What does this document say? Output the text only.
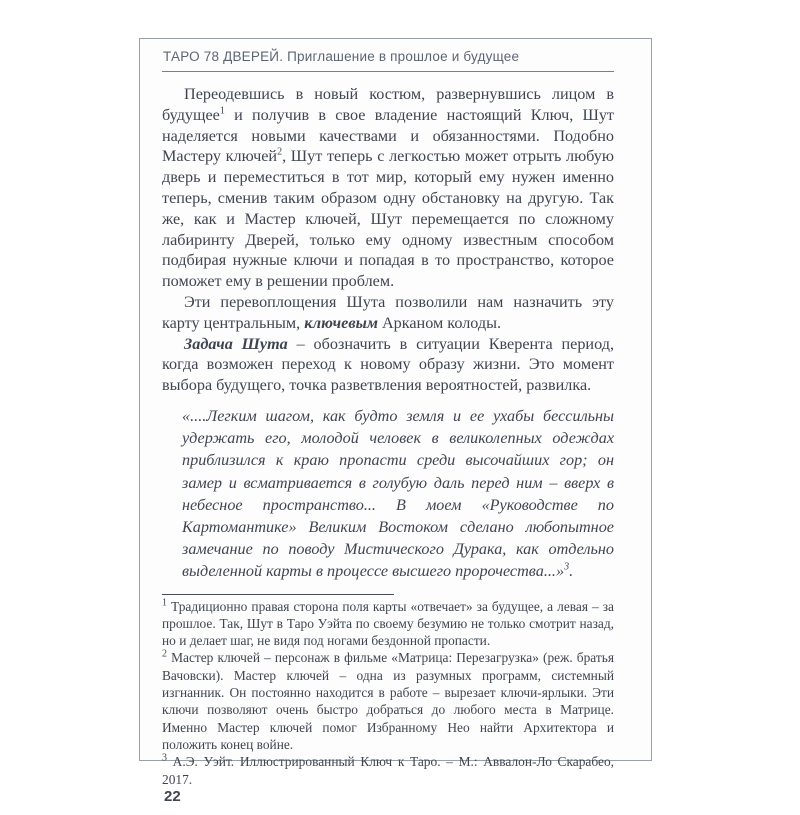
ТАРО 78 ДВЕРЕЙ. Приглашение в прошлое и будущее

Переодевшись в новый костюм, развернувшись лицом в будущее$^1$ и получив в свое владение настоящий Ключ, Шут наделяется новыми качествами и обязанностями. Подобно Мастеру ключей$^2$, Шут теперь с легкостью может отрыть любую дверь и переместиться в тот мир, который ему нужен именно теперь, сменив таким образом одну обстановку на другую. Так же, как и Мастер ключей, Шут перемещается по сложному лабиринту Дверей, только ему одному известным способом подбирая нужные ключи и попадая в то пространство, которое поможет ему в решении проблем.

Эти перевоплощения Шута позволили нам назначить эту карту центральным, ключевым Арканом колоды.

Задача Шута – обозначить в ситуации Кверента период, когда возможен переход к новому образу жизни. Это момент выбора будущего, точка разветвления вероятностей, развилка.

«....Легким шагом, как будто земля и ее ухабы бессильны удержать его, молодой человек в великолепных одеждах приблизился к краю пропасти среди высочайших гор; он замер и всматривается в голубую даль перед ним – вверх в небесное пространство... В моем «Руководстве по Картомантике» Великим Востоком сделано любопытное замечание по поводу Мистического Дурака, как отдельно выделенной карты в процессе высшего пророчества...»$^3$.

$^1$ Традиционно правая сторона поля карты «отвечает» за будущее, а левая – за прошлое. Так, Шут в Таро Уэйта по своему безумию не только смотрит назад, но и делает шаг, не видя под ногами бездонной пропасти.

$^2$ Мастер ключей – персонаж в фильме «Матрица: Перезагрузка» (реж. братья Вачовски). Мастер ключей – одна из разумных программ, системный изгнанник. Он постоянно находится в работе – вырезает ключи-ярлыки. Эти ключи позволяют очень быстро добраться до любого места в Матрице. Именно Мастер ключей помог Избранному Нео найти Архитектора и положить конец войне.

$^3$ А.Э. Уэйт. Иллюстрированный Ключ к Таро. – М.: Аввалон-Ло Скарабео, 2017.

22
